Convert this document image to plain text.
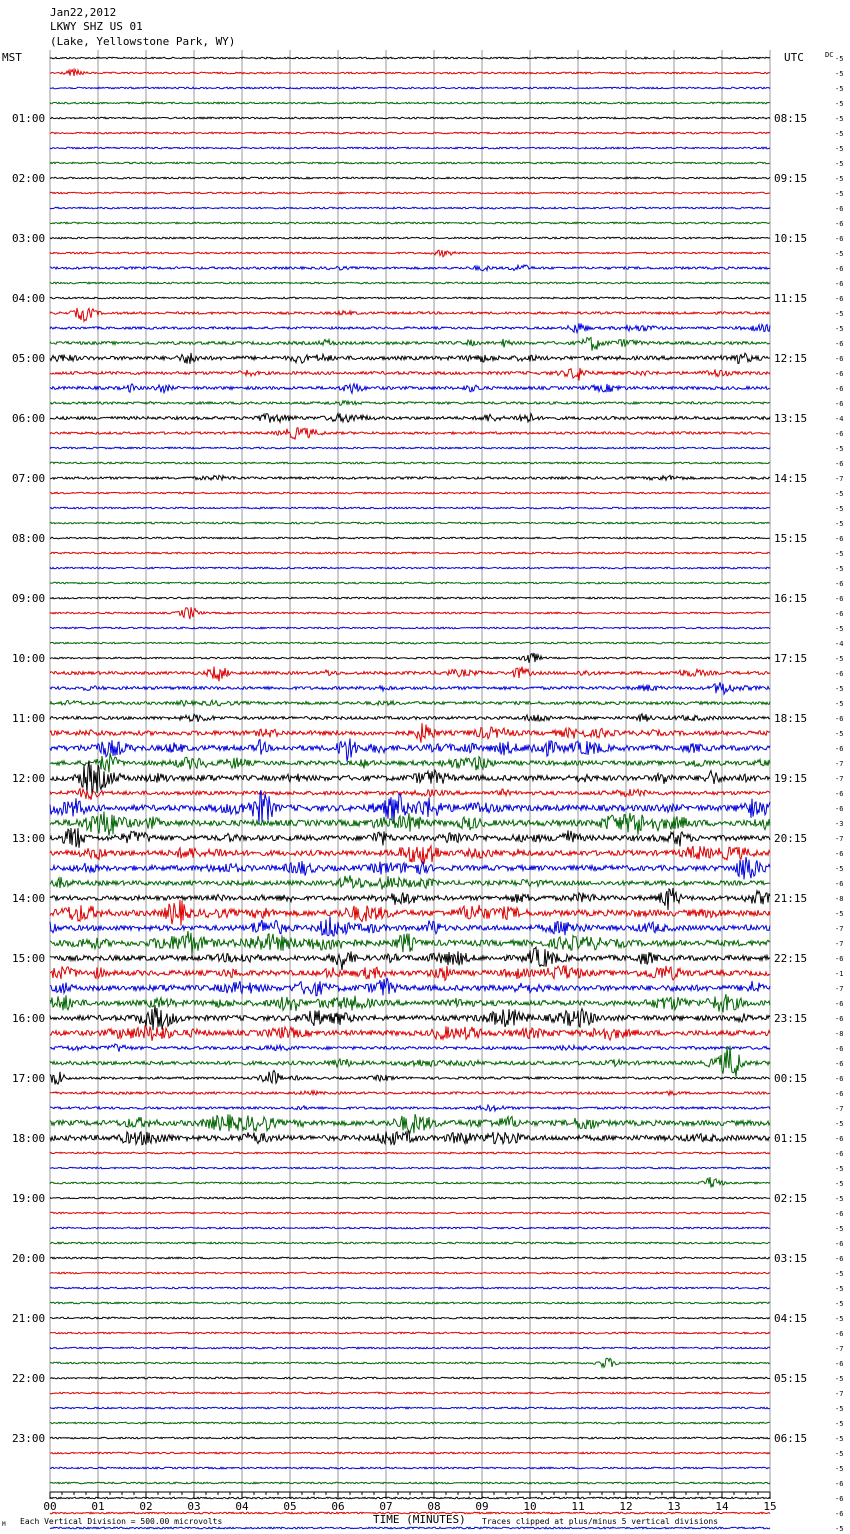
Jan22,2012
LKWY SHZ US 01
(Lake, Yellowstone Park, WY)
MST	UTC	DC
01:00
02:00
03:00
04:00
05:00
06:00
07:00
08:00
09:00
10:00
11:00
12:00
13:00
14:00
15:00
16:00
17:00
18:00
19:00
20:00
21:00
22:00
23:00
08:15
09:15
10:15
11:15
12:15
13:15
14:15
15:15
16:15
17:15
18:15
19:15
20:15
21:15
22:15
23:15
00:15
01:15
02:15
03:15
04:15
05:15
06:15
-5
-5
-5
-5
-5
-5
-5
-5
-5
-5
-6
-6
-6
-5
-6
-6
-6
-5
-5
-6
-6
-6
-6
-6
-4
-6
-5
-6
-7
-5
-5
-5
-6
-5
-5
-6
-6
-6
-5
-4
-5
-6
-5
-5
-6
-5
-6
-7
-7
-6
-6
-3
-7
-6
-5
-6
-8
-5
-7
-7
-6
-1
-7
-6
-6
-8
-6
-6
-6
-6
-7
-5
-6
-6
-5
-5
-5
-6
-5
-6
-6
-5
-5
-5
-5
-6
-7
-6
-5
-7
-5
-5
-5
-5
-5
-6
-6
-6
-5
00	01	02	03	04	05	06	07	08	09	10	11	12	13	14	15
TIME (MINUTES)
M Each Vertical Division = 500.00 microvolts	Traces clipped at plus/minus 5 vertical divisions
